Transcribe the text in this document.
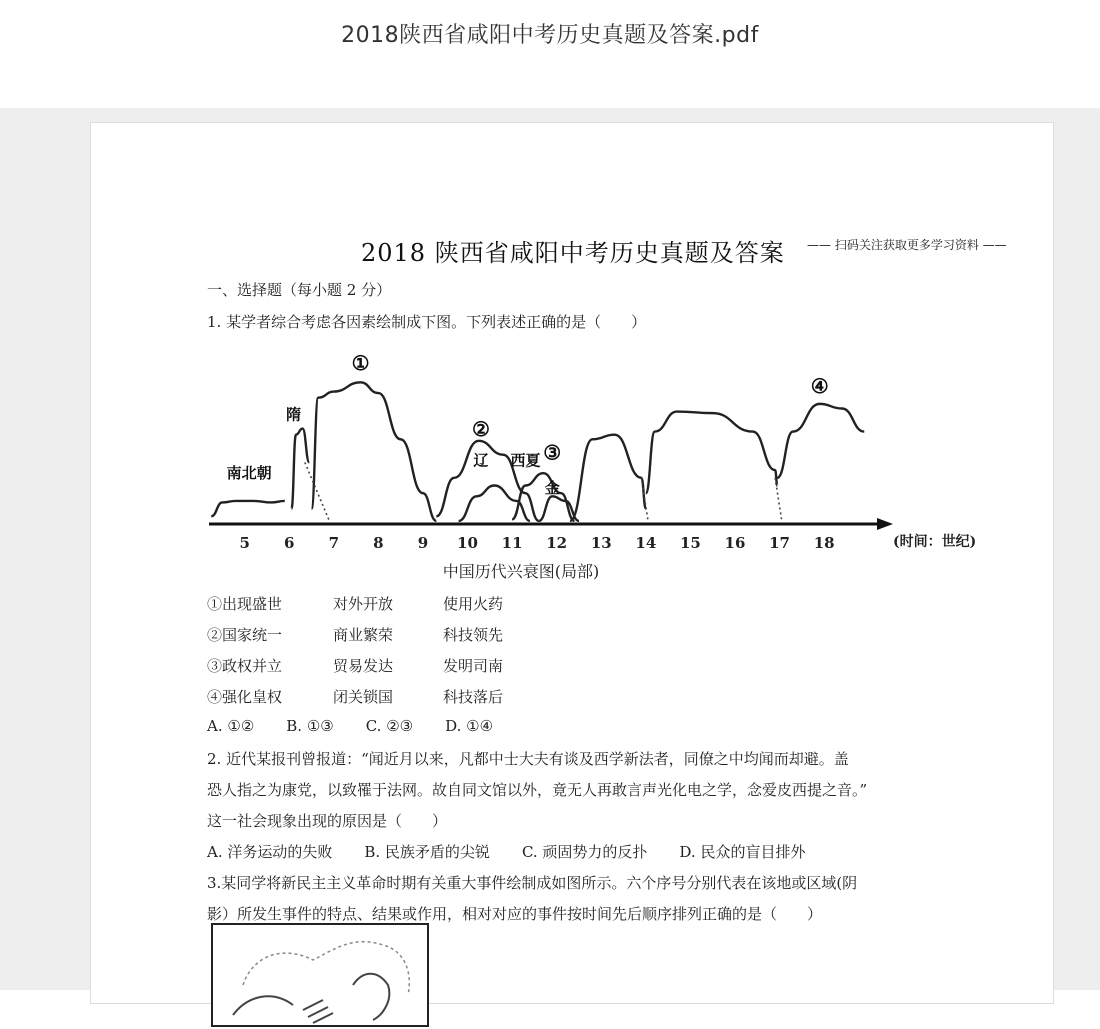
2018陕西省咸阳中考历史真题及答案.pdf
2018 陕西省咸阳中考历史真题及答案 —— 扫码关注获取更多学习资料 ——
一、选择题（每小题 2 分）
1. 某学者综合考虑各因素绘制成下图。下列表述正确的是（　　）
5 6 7 8 9 10 11 12 13 14 15 16 17 18	(时间：世纪)
中国历代兴衰图(局部)
南北朝
隋
①
②
辽 西夏 ③
金
④
①出现盛世	对外开放	使用火药
②国家统一	商业繁荣	科技领先
③政权并立	贸易发达	发明司南
④强化皇权	闭关锁国	科技落后
A. ①② B. ①③ C. ②③ D. ①④
2. 近代某报刊曾报道：“闻近月以来，凡都中士大夫有谈及西学新法者，同僚之中均闻而却避。盖
恐人指之为康党，以致罹于法网。故自同文馆以外，竟无人再敢言声光化电之学，念爱皮西提之音。”
这一社会现象出现的原因是（　　）
A. 洋务运动的失败 B. 民族矛盾的尖锐 C. 顽固势力的反扑 D. 民众的盲目排外
3.某同学将新民主主义革命时期有关重大事件绘制成如图所示。六个序号分别代表在该地或区域(阴
影）所发生事件的特点、结果或作用，相对对应的事件按时间先后顺序排列正确的是（　　）
